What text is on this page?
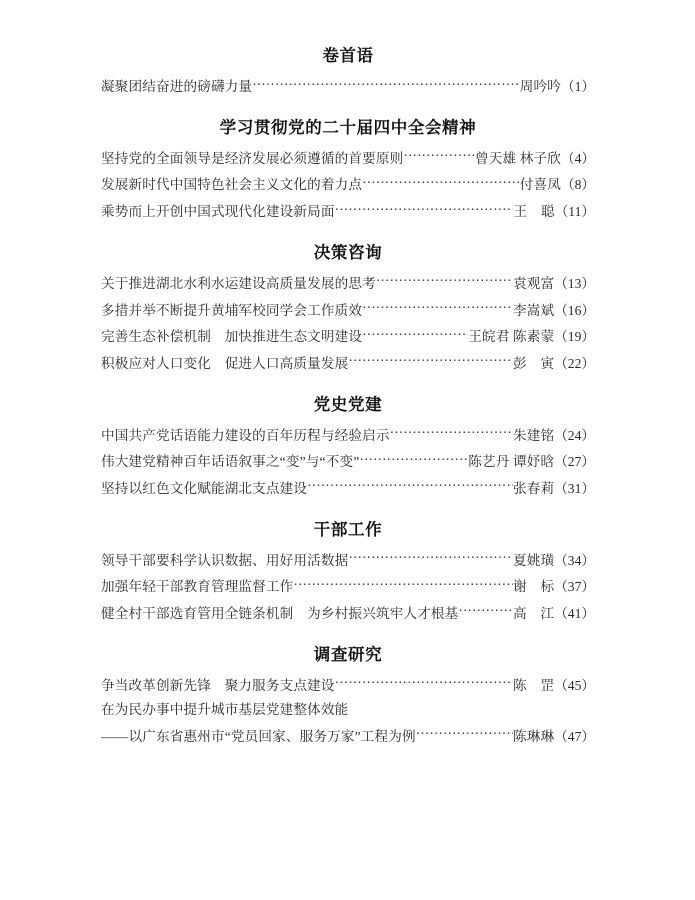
卷首语
凝聚团结奋进的磅礴力量 ·····	周吟吟 （1）
学习贯彻党的二十届四中全会精神
坚持党的全面领导是经济发展必须遵循的首要原则 ·····	曾天雄 林子欣 （4）
发展新时代中国特色社会主义文化的着力点 ·····	付喜凤 （8）
乘势而上开创中国式现代化建设新局面 ·····	王　聪 （11）
决策咨询
关于推进湖北水利水运建设高质量发展的思考 ·····	袁观富 （13）
多措并举不断提升黄埔军校同学会工作质效 ·····	李嵩斌 （16）
完善生态补偿机制　加快推进生态文明建设 ·····	王皖君 陈素蒙 （19）
积极应对人口变化　促进人口高质量发展 ·····	彭　寅 （22）
党史党建
中国共产党话语能力建设的百年历程与经验启示 ·····	朱建铭 （24）
伟大建党精神百年话语叙事之“变”与“不变” ·····	陈艺丹 谭妤晗 （27）
坚持以红色文化赋能湖北支点建设 ·····	张春莉 （31）
干部工作
领导干部要科学认识数据、用好用活数据 ·····	夏姚璜 （34）
加强年轻干部教育管理监督工作 ·····	谢　标 （37）
健全村干部选育管用全链条机制　为乡村振兴筑牢人才根基 ·····	高　江 （41）
调查研究
争当改革创新先锋　聚力服务支点建设 ·····	陈　罡 （45）
在为民办事中提升城市基层党建整体效能
——以广东省惠州市“党员回家、服务万家”工程为例 ·····	陈琳琳 （47）
